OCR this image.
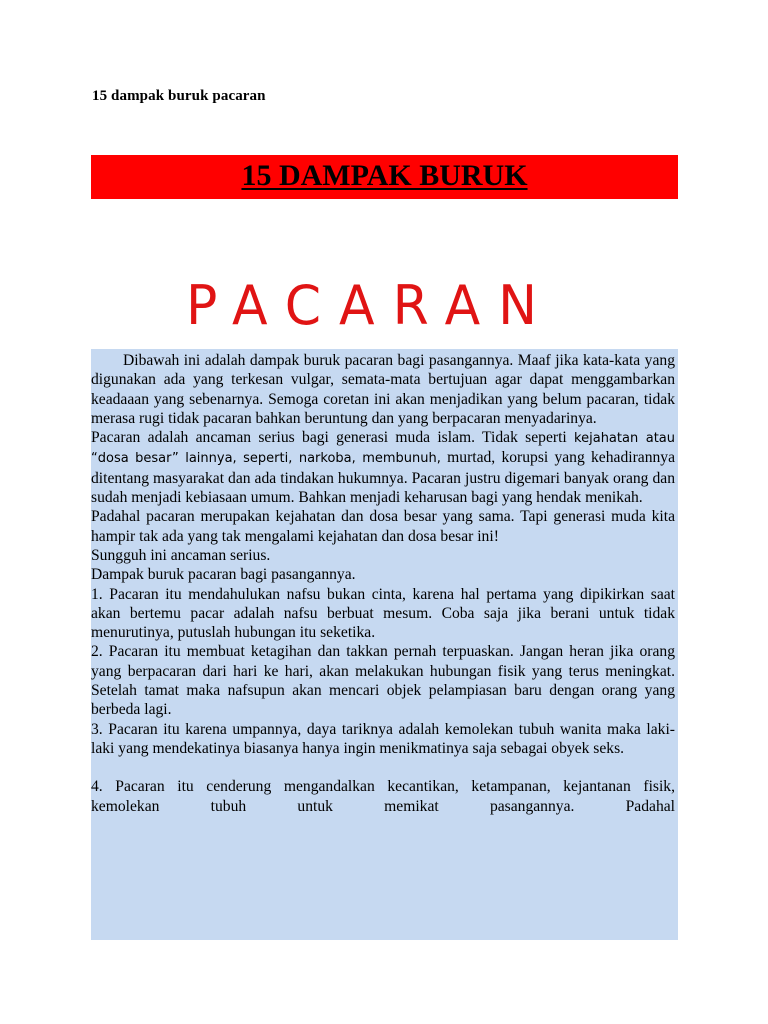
15 dampak buruk pacaran
15 DAMPAK BURUK
PACARAN

Dibawah ini adalah dampak buruk pacaran bagi pasangannya. Maaf jika kata-kata yang digunakan ada yang terkesan vulgar, semata-mata bertujuan agar dapat menggambarkan keadaaan yang sebenarnya. Semoga coretan ini akan menjadikan yang belum pacaran, tidak merasa rugi tidak pacaran bahkan beruntung dan yang berpacaran menyadarinya.

Pacaran adalah ancaman serius bagi generasi muda islam. Tidak seperti kejahatan atau “dosa besar” lainnya, seperti, narkoba, membunuh, murtad, korupsi yang kehadirannya ditentang masyarakat dan ada tindakan hukumnya. Pacaran justru digemari banyak orang dan sudah menjadi kebiasaan umum. Bahkan menjadi keharusan bagi yang hendak menikah.

Padahal pacaran merupakan kejahatan dan dosa besar yang sama. Tapi generasi muda kita hampir tak ada yang tak mengalami kejahatan dan dosa besar ini!

Sungguh ini ancaman serius.

Dampak buruk pacaran bagi pasangannya.

1. Pacaran itu mendahulukan nafsu bukan cinta, karena hal pertama yang dipikirkan saat akan bertemu pacar adalah nafsu berbuat mesum. Coba saja jika berani untuk tidak menurutinya, putuslah hubungan itu seketika.

2. Pacaran itu membuat ketagihan dan takkan pernah terpuaskan. Jangan heran jika orang yang berpacaran dari hari ke hari, akan melakukan hubungan fisik yang terus meningkat. Setelah tamat maka nafsupun akan mencari objek pelampiasan baru dengan orang yang berbeda lagi.

3. Pacaran itu karena umpannya, daya tariknya adalah kemolekan tubuh wanita maka laki-laki yang mendekatinya biasanya hanya ingin menikmatinya saja sebagai obyek seks.

4. Pacaran itu cenderung mengandalkan kecantikan, ketampanan, kejantanan fisik, kemolekan tubuh untuk memikat pasangannya. Padahal
